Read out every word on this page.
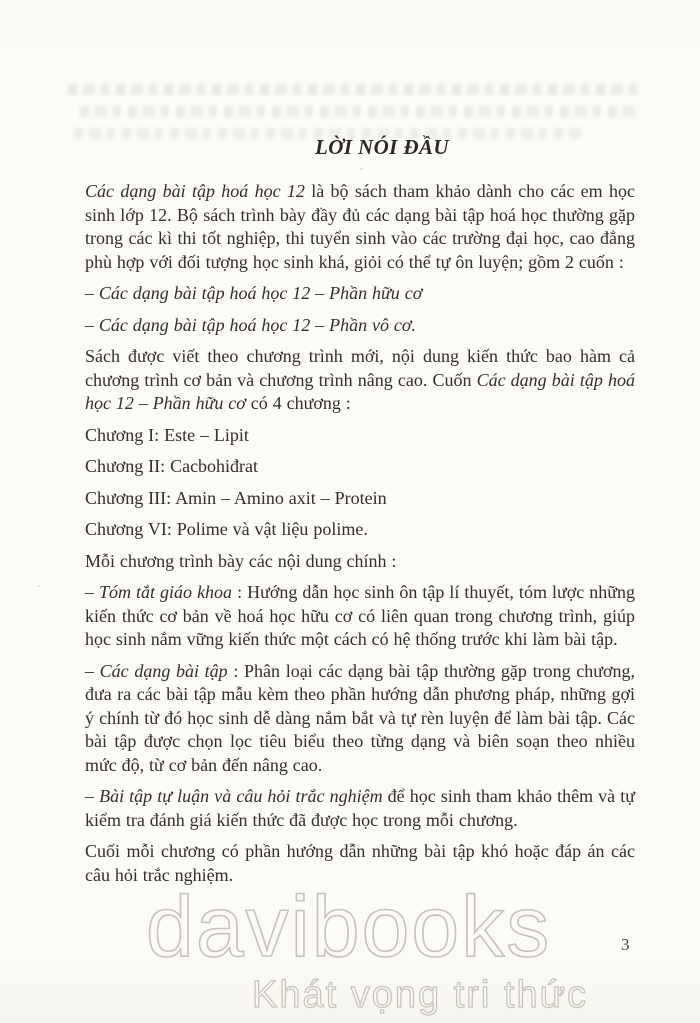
LỜI NÓI ĐẦU

Các dạng bài tập hoá học 12 là bộ sách tham khảo dành cho các em học sinh lớp 12. Bộ sách trình bày đầy đủ các dạng bài tập hoá học thường gặp trong các kì thi tốt nghiệp, thi tuyển sinh vào các trường đại học, cao đẳng phù hợp với đối tượng học sinh khá, giỏi có thể tự ôn luyện; gồm 2 cuốn :

– Các dạng bài tập hoá học 12 – Phần hữu cơ

– Các dạng bài tập hoá học 12 – Phần vô cơ.

Sách được viết theo chương trình mới, nội dung kiến thức bao hàm cả chương trình cơ bản và chương trình nâng cao. Cuốn Các dạng bài tập hoá học 12 – Phần hữu cơ có 4 chương :

Chương I: Este – Lipit

Chương II: Cacbohiđrat

Chương III: Amin – Amino axit – Protein

Chương VI: Polime và vật liệu polime.

Mỗi chương trình bày các nội dung chính :

– Tóm tắt giáo khoa : Hướng dẫn học sinh ôn tập lí thuyết, tóm lược những kiến thức cơ bản về hoá học hữu cơ có liên quan trong chương trình, giúp học sinh nắm vững kiến thức một cách có hệ thống trước khi làm bài tập.

– Các dạng bài tập : Phân loại các dạng bài tập thường gặp trong chương, đưa ra các bài tập mẫu kèm theo phần hướng dẫn phương pháp, những gợi ý chính từ đó học sinh dễ dàng nắm bắt và tự rèn luyện để làm bài tập. Các bài tập được chọn lọc tiêu biểu theo từng dạng và biên soạn theo nhiều mức độ, từ cơ bản đến nâng cao.

– Bài tập tự luận và câu hỏi trắc nghiệm để học sinh tham khảo thêm và tự kiểm tra đánh giá kiến thức đã được học trong mỗi chương.

Cuối mỗi chương có phần hướng dẫn những bài tập khó hoặc đáp án các câu hỏi trắc nghiệm.

davibooks
Khát vọng tri thức
3
